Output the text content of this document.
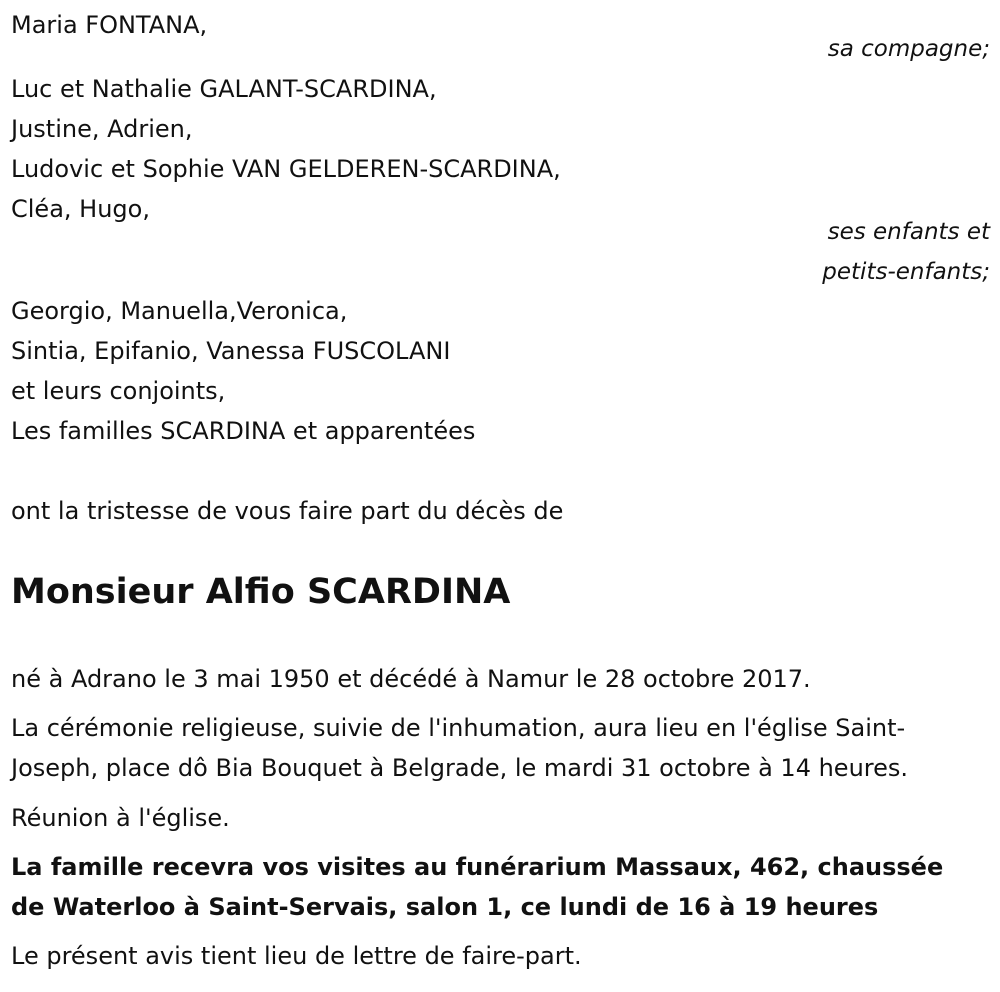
Maria FONTANA,
sa compagne;
Luc et Nathalie GALANT-SCARDINA,
Justine, Adrien,
Ludovic et Sophie VAN GELDEREN-SCARDINA,
Cléa, Hugo,
ses enfants et
petits-enfants;
Georgio, Manuella,Veronica,
Sintia, Epifanio, Vanessa FUSCOLANI
et leurs conjoints,
Les familles SCARDINA et apparentées
ont la tristesse de vous faire part du décès de
Monsieur Alfio SCARDINA
né à Adrano le 3 mai 1950 et décédé à Namur le 28 octobre 2017.
La cérémonie religieuse, suivie de l'inhumation, aura lieu en l'église Saint-
Joseph, place dô Bia Bouquet à Belgrade, le mardi 31 octobre à 14 heures.
Réunion à l'église.
La famille recevra vos visites au funérarium Massaux, 462, chaussée
de Waterloo à Saint-Servais, salon 1, ce lundi de 16 à 19 heures
Le présent avis tient lieu de lettre de faire-part.
